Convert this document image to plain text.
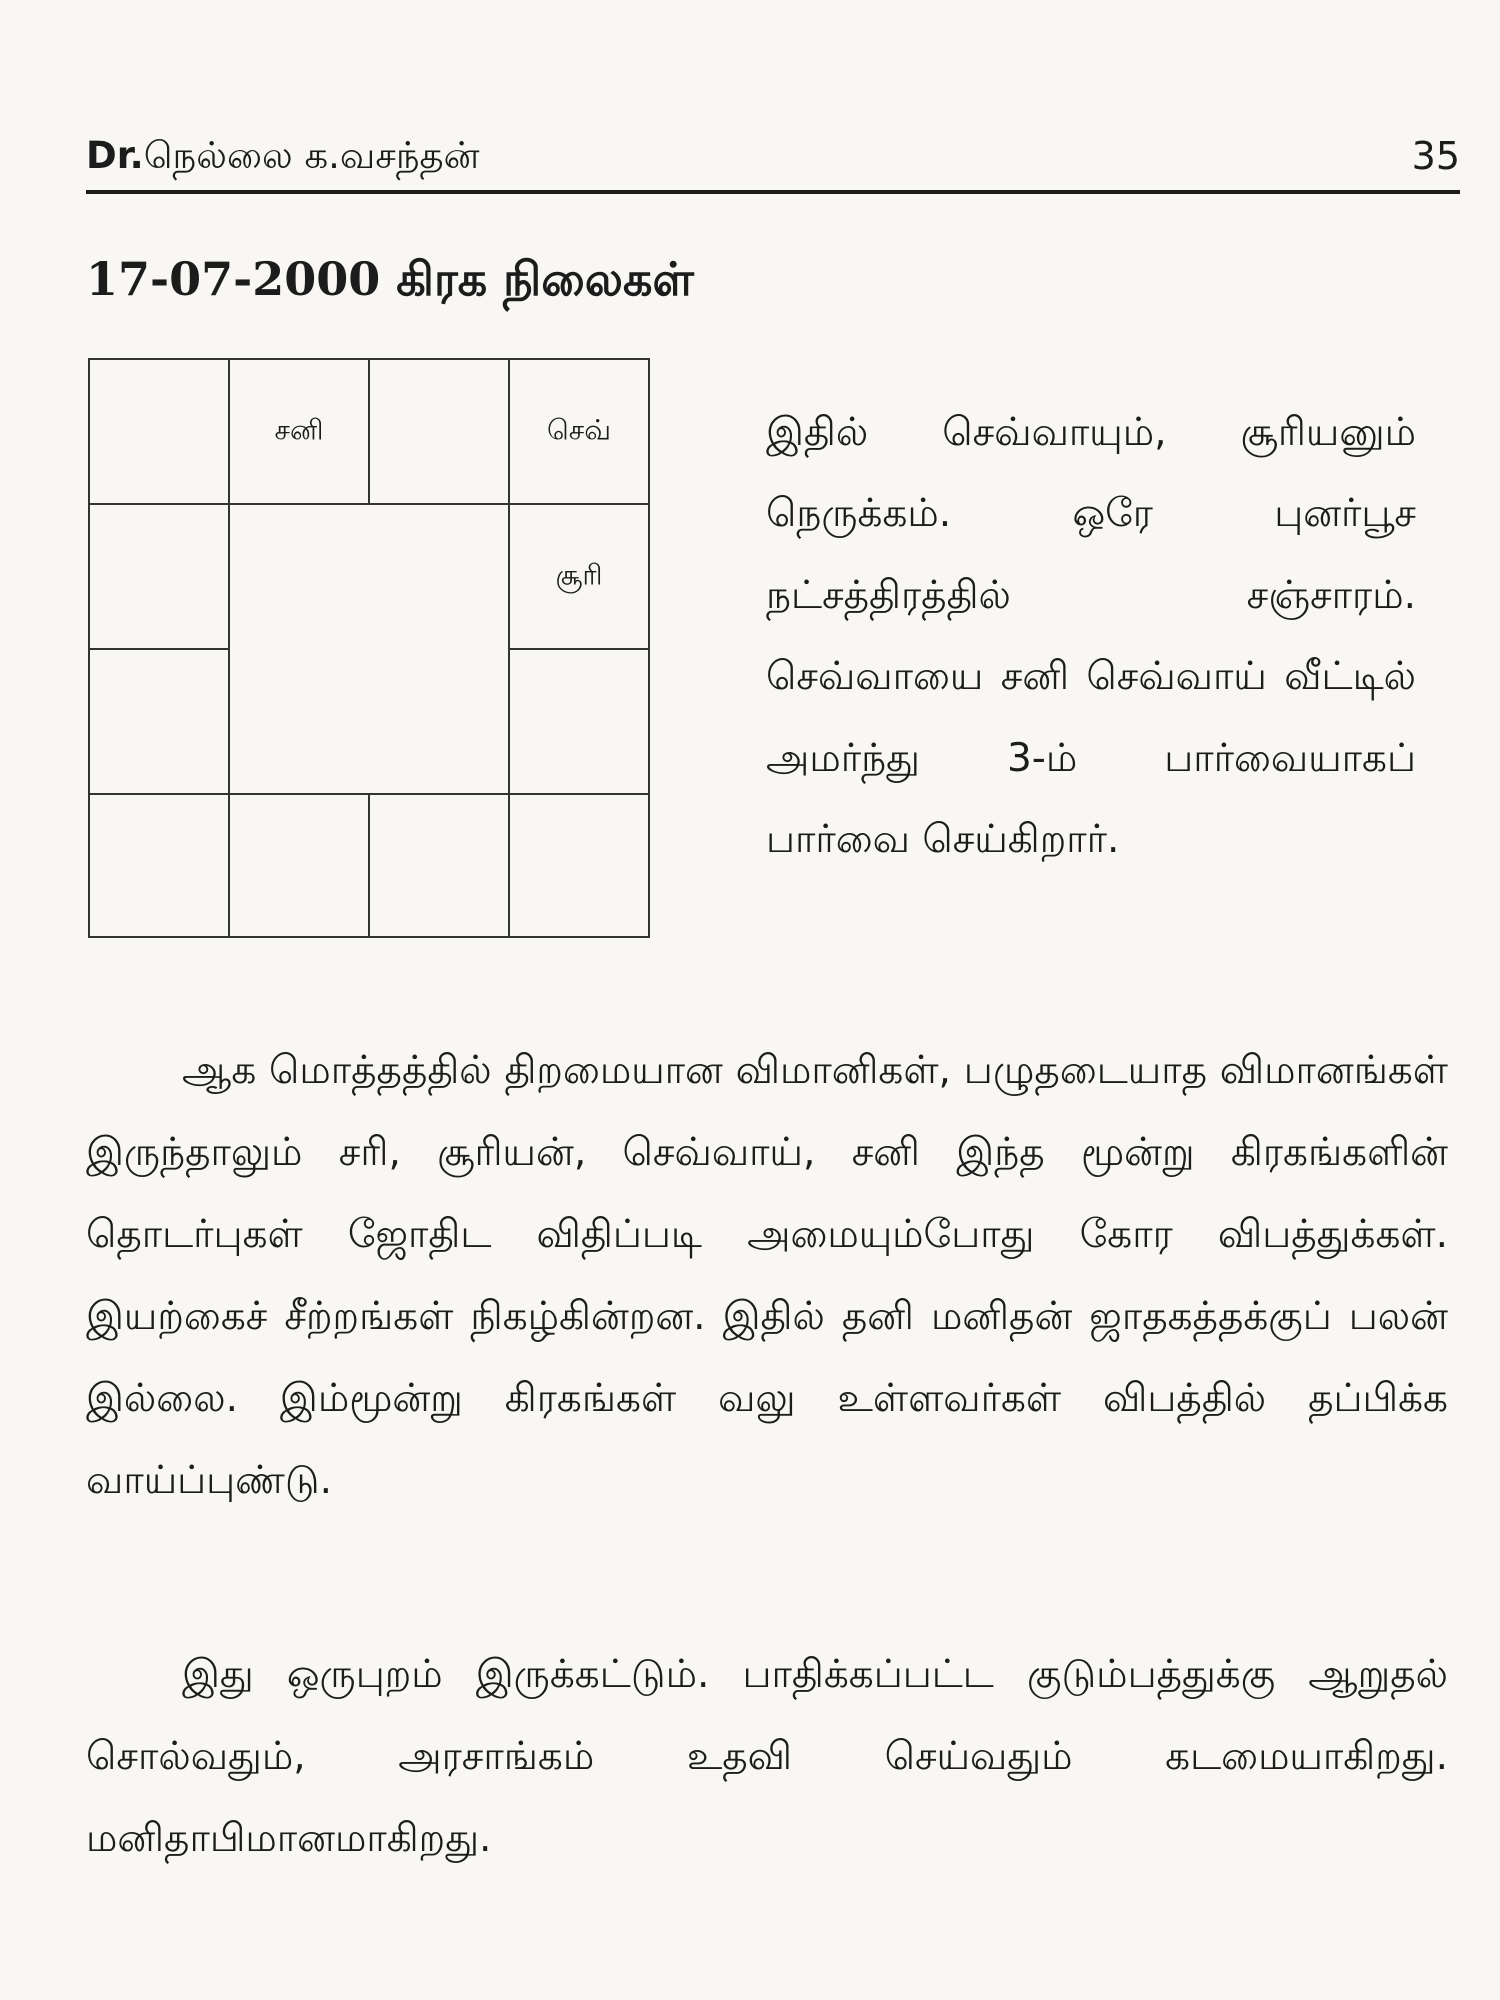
Dr.நெல்லை க.வசந்தன்	35
17-07-2000 கிரக நிலைகள்
சனி	செவ்
சூரி
இதில் செவ்வாயும், சூரியனும் நெருக்கம். ஒரே புனர்பூச நட்சத்திரத்தில் சஞ்சாரம். செவ்வாயை சனி செவ்வாய் வீட்டில் அமர்ந்து 3-ம் பார்வையாகப் பார்வை செய்கிறார்.

ஆக மொத்தத்தில் திறமையான விமானிகள், பழுதடையாத விமானங்கள் இருந்தாலும் சரி, சூரியன், செவ்வாய், சனி இந்த மூன்று கிரகங்களின் தொடர்புகள் ஜோதிட விதிப்படி அமையும்போது கோர விபத்துக்கள். இயற்கைச் சீற்றங்கள் நிகழ்கின்றன. இதில் தனி மனிதன் ஜாதகத்தக்குப் பலன் இல்லை. இம்மூன்று கிரகங்கள் வலு உள்ளவர்கள் விபத்தில் தப்பிக்க வாய்ப்புண்டு.

இது ஒருபுறம் இருக்கட்டும். பாதிக்கப்பட்ட குடும்பத்துக்கு ஆறுதல் சொல்வதும், அரசாங்கம் உதவி செய்வதும் கடமையாகிறது. மனிதாபிமானமாகிறது.
